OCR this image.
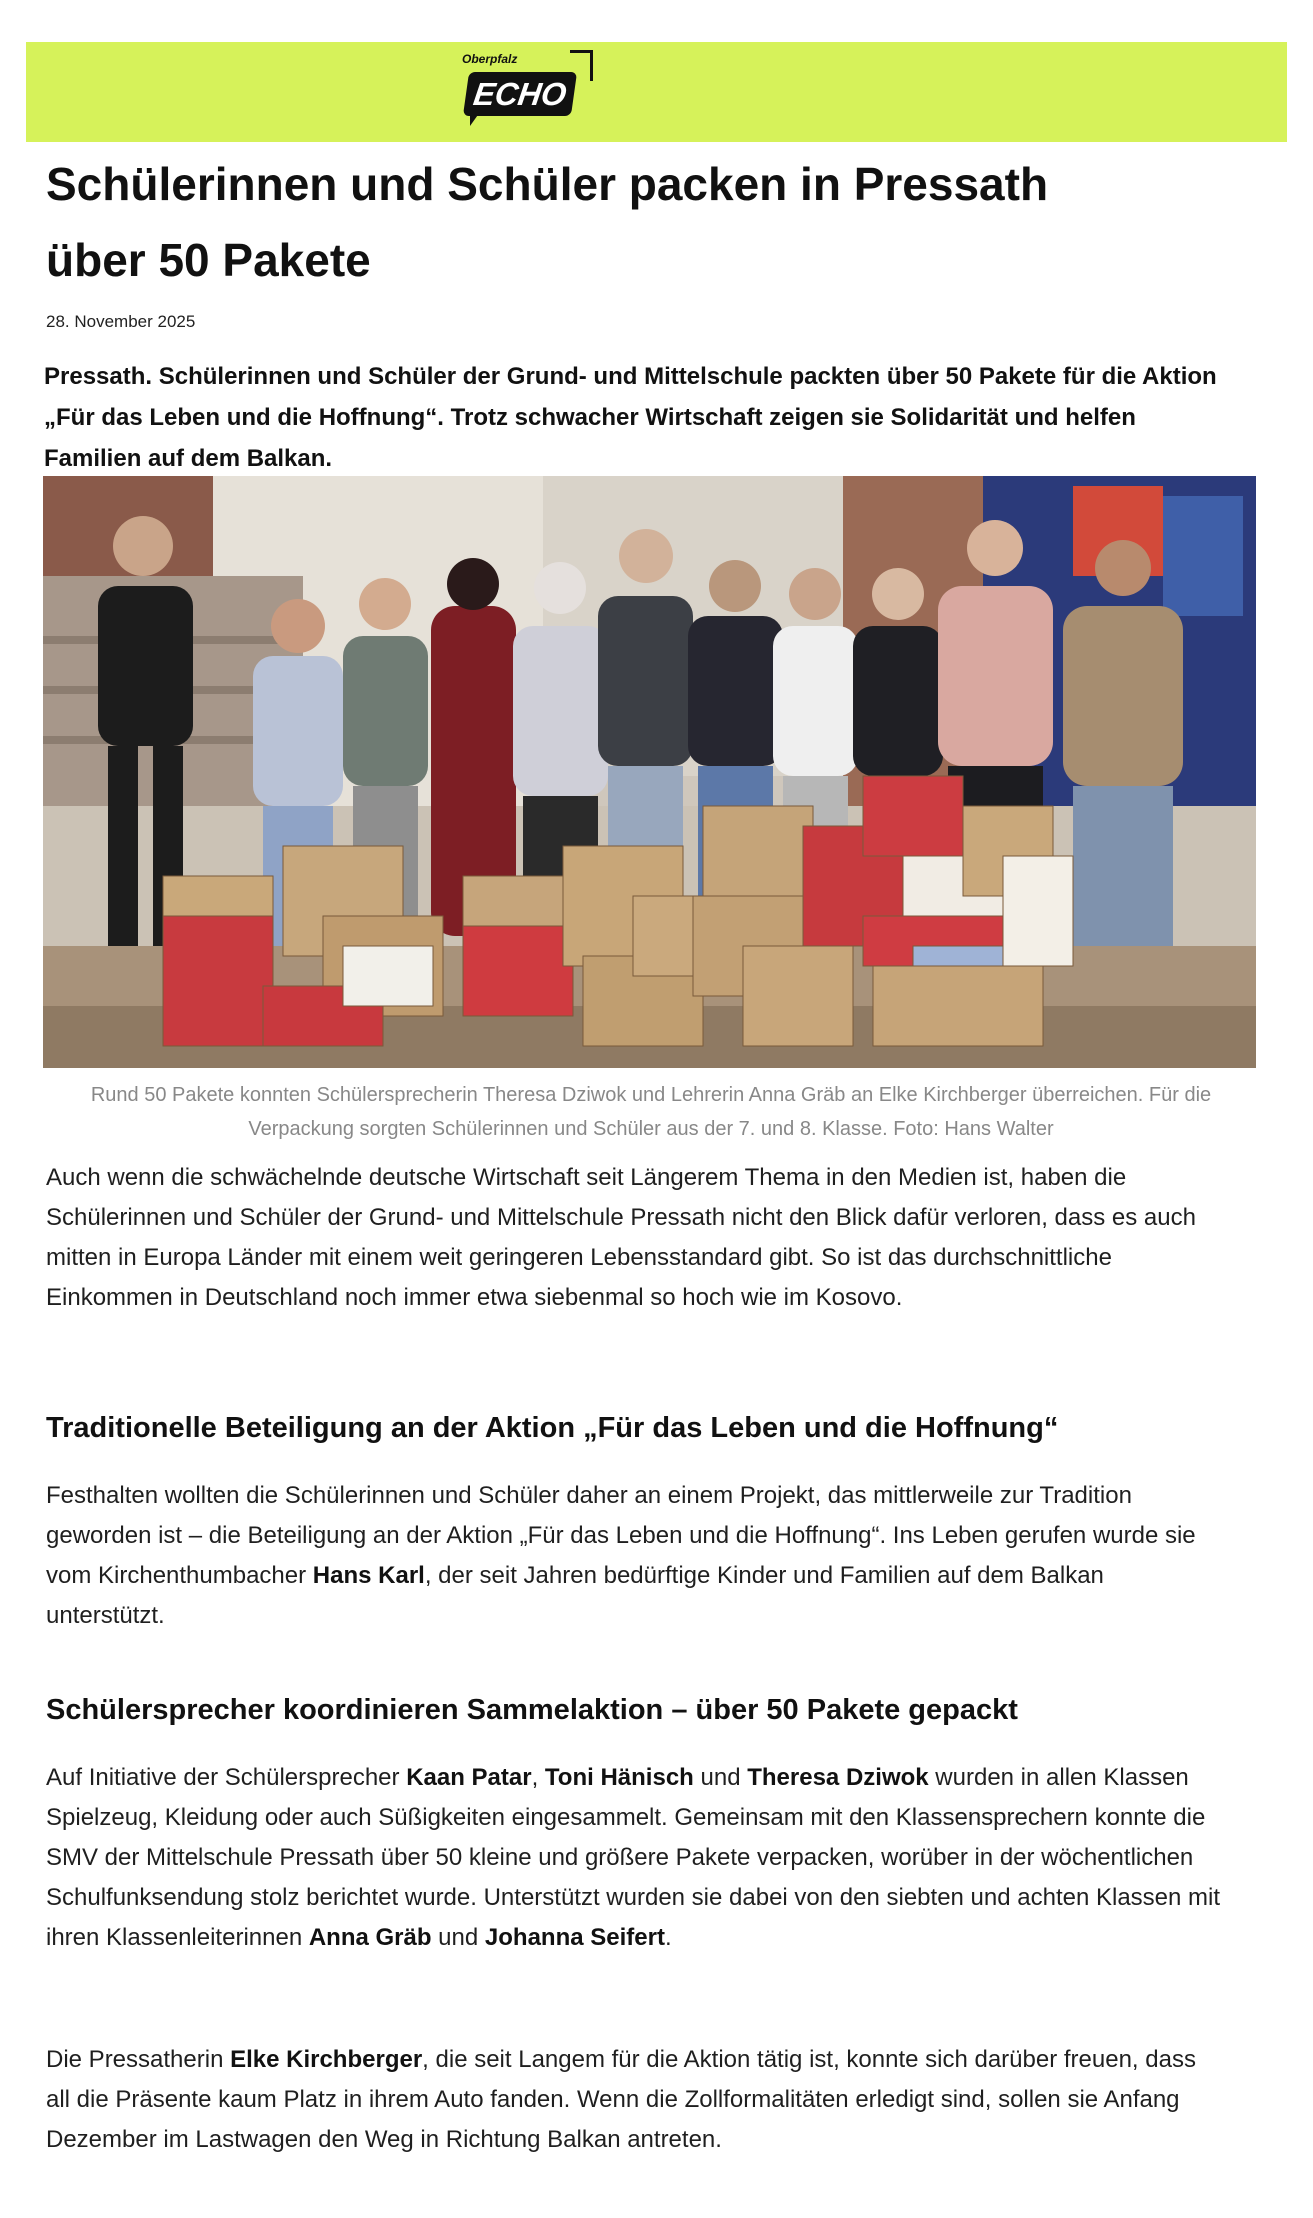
Oberpfalz
ECHO
Schülerinnen und Schüler packen in Pressath
über 50 Pakete
28. November 2025

Pressath. Schülerinnen und Schüler der Grund- und Mittelschule packten über 50 Pakete für die Aktion „Für das Leben und die Hoffnung“. Trotz schwacher Wirtschaft zeigen sie Solidarität und helfen Familien auf dem Balkan.

Rund 50 Pakete konnten Schülersprecherin Theresa Dziwok und Lehrerin Anna Gräb an Elke Kirchberger überreichen. Für die Verpackung sorgten Schülerinnen und Schüler aus der 7. und 8. Klasse. Foto: Hans Walter

Auch wenn die schwächelnde deutsche Wirtschaft seit Längerem Thema in den Medien ist, haben die Schülerinnen und Schüler der Grund- und Mittelschule Pressath nicht den Blick dafür verloren, dass es auch mitten in Europa Länder mit einem weit geringeren Lebensstandard gibt. So ist das durchschnittliche Einkommen in Deutschland noch immer etwa siebenmal so hoch wie im Kosovo.

Traditionelle Beteiligung an der Aktion „Für das Leben und die Hoffnung“

Festhalten wollten die Schülerinnen und Schüler daher an einem Projekt, das mittlerweile zur Tradition geworden ist – die Beteiligung an der Aktion „Für das Leben und die Hoffnung“. Ins Leben gerufen wurde sie vom Kirchenthumbacher Hans Karl, der seit Jahren bedürftige Kinder und Familien auf dem Balkan unterstützt.

Schülersprecher koordinieren Sammelaktion – über 50 Pakete gepackt

Auf Initiative der Schülersprecher Kaan Patar, Toni Hänisch und Theresa Dziwok wurden in allen Klassen Spielzeug, Kleidung oder auch Süßigkeiten eingesammelt. Gemeinsam mit den Klassensprechern konnte die SMV der Mittelschule Pressath über 50 kleine und größere Pakete verpacken, worüber in der wöchentlichen Schulfunksendung stolz berichtet wurde. Unterstützt wurden sie dabei von den siebten und achten Klassen mit ihren Klassenleiterinnen Anna Gräb und Johanna Seifert.

Die Pressatherin Elke Kirchberger, die seit Langem für die Aktion tätig ist, konnte sich darüber freuen, dass all die Präsente kaum Platz in ihrem Auto fanden. Wenn die Zollformalitäten erledigt sind, sollen sie Anfang Dezember im Lastwagen den Weg in Richtung Balkan antreten.
